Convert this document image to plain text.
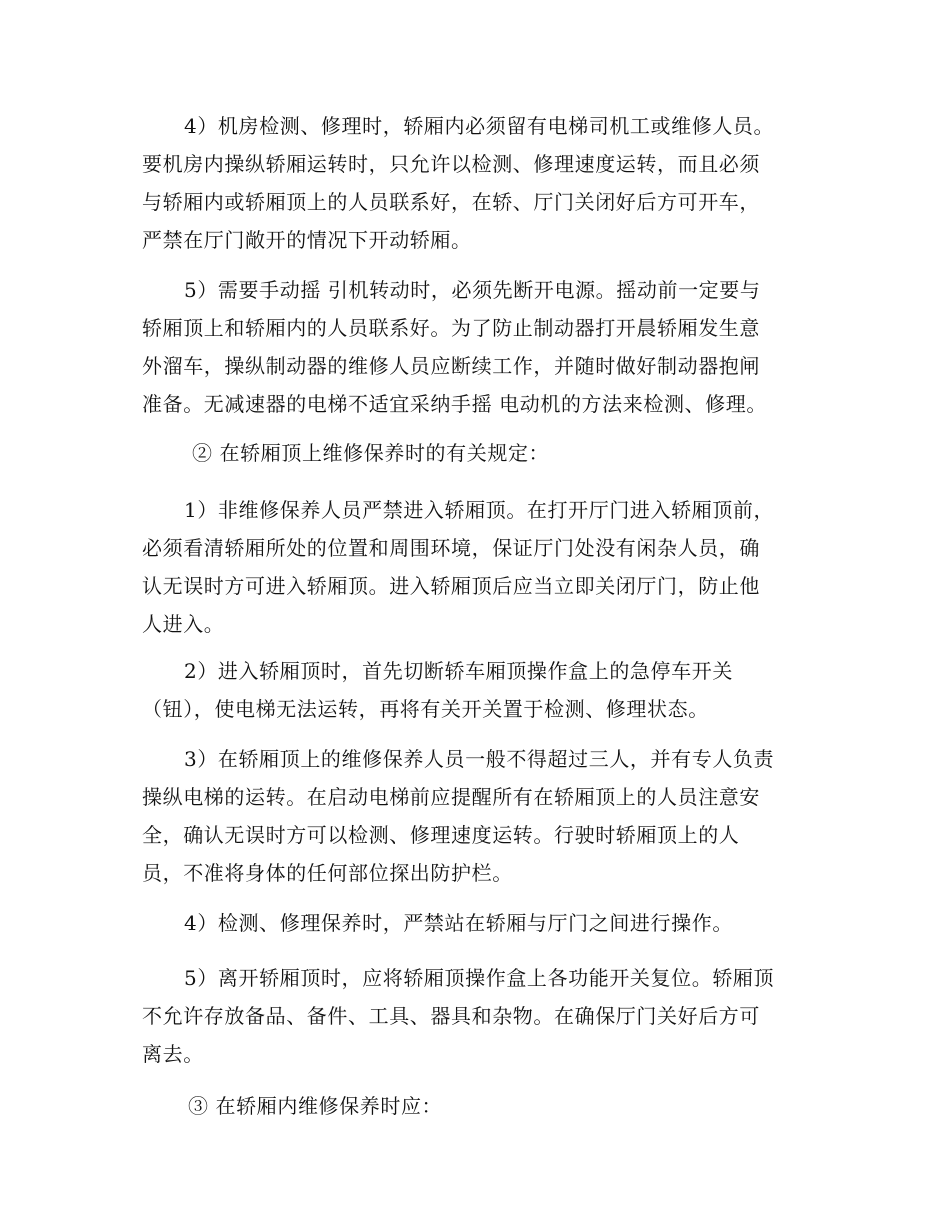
4）机房检测、修理时，轿厢内必须留有电梯司机工或维修人员。
要机房内操纵轿厢运转时，只允许以检测、修理速度运转，而且必须
与轿厢内或轿厢顶上的人员联系好，在轿、厅门关闭好后方可开车，
严禁在厅门敞开的情况下开动轿厢。
5）需要手动摇 引机转动时，必须先断开电源。摇动前一定要与
轿厢顶上和轿厢内的人员联系好。为了防止制动器打开晨轿厢发生意
外溜车，操纵制动器的维修人员应断续工作，并随时做好制动器抱闸
准备。无减速器的电梯不适宜采纳手摇 电动机的方法来检测、修理。
② 在轿厢顶上维修保养时的有关规定：
1）非维修保养人员严禁进入轿厢顶。在打开厅门进入轿厢顶前，
必须看清轿厢所处的位置和周围环境，保证厅门处没有闲杂人员，确
认无误时方可进入轿厢顶。进入轿厢顶后应当立即关闭厅门，防止他
人进入。
2）进入轿厢顶时，首先切断轿车厢顶操作盒上的急停车开关
（钮），使电梯无法运转，再将有关开关置于检测、修理状态。
3）在轿厢顶上的维修保养人员一般不得超过三人，并有专人负责
操纵电梯的运转。在启动电梯前应提醒所有在轿厢顶上的人员注意安
全，确认无误时方可以检测、修理速度运转。行驶时轿厢顶上的人
员，不准将身体的任何部位探出防护栏。
4）检测、修理保养时，严禁站在轿厢与厅门之间进行操作。
5）离开轿厢顶时，应将轿厢顶操作盒上各功能开关复位。轿厢顶
不允许存放备品、备件、工具、器具和杂物。在确保厅门关好后方可
离去。
③ 在轿厢内维修保养时应：
